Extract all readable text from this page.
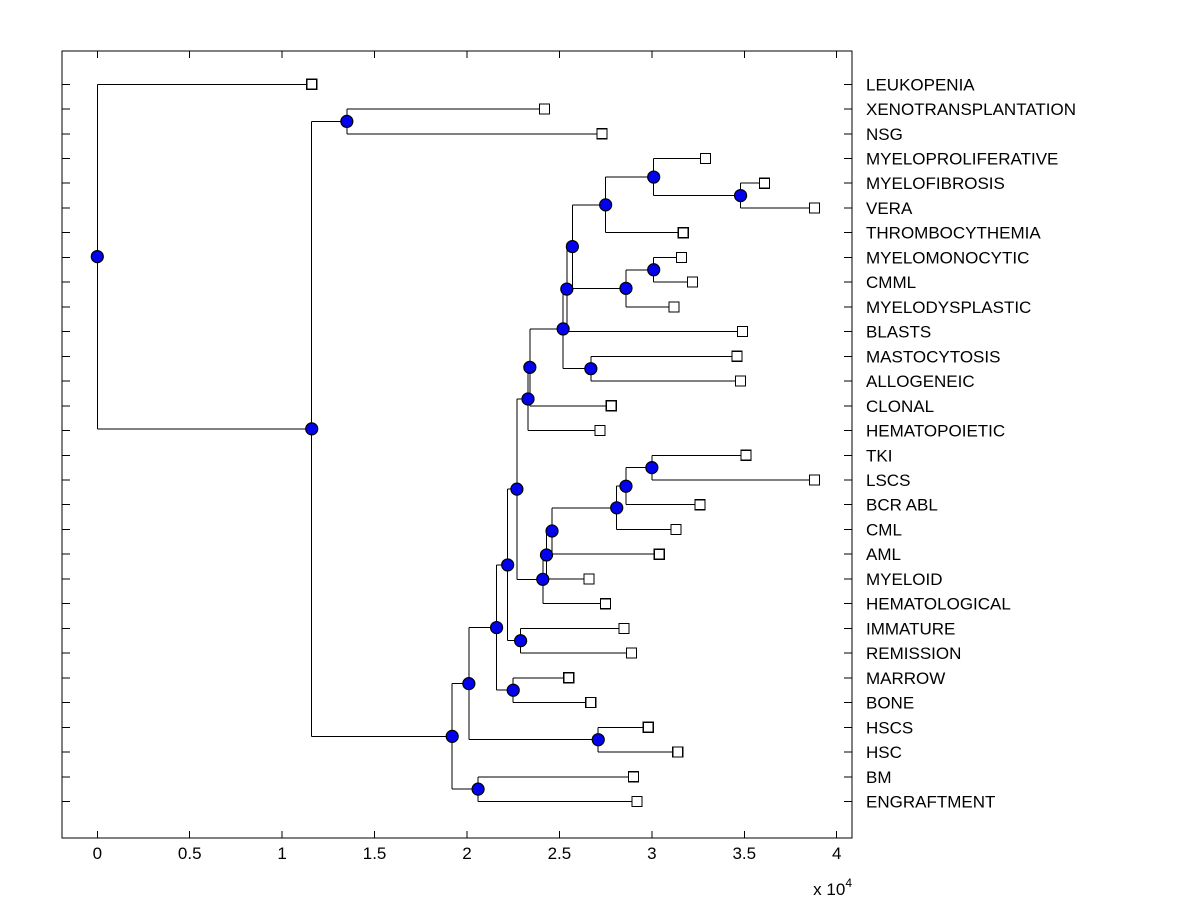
0	0.5	1	1.5	2	2.5	3	3.5	4
x $10^4$
LEUKOPENIA
XENOTRANSPLANTATION
NSG
MYELOPROLIFERATIVE
MYELOFIBROSIS
VERA
THROMBOCYTHEMIA
MYELOMONOCYTIC
CMML
MYELODYSPLASTIC
BLASTS
MASTOCYTOSIS
ALLOGENEIC
CLONAL
HEMATOPOIETIC
TKI
LSCS
BCR ABL
CML
AML
MYELOID
HEMATOLOGICAL
IMMATURE
REMISSION
MARROW
BONE
HSCS
HSC
BM
ENGRAFTMENT
